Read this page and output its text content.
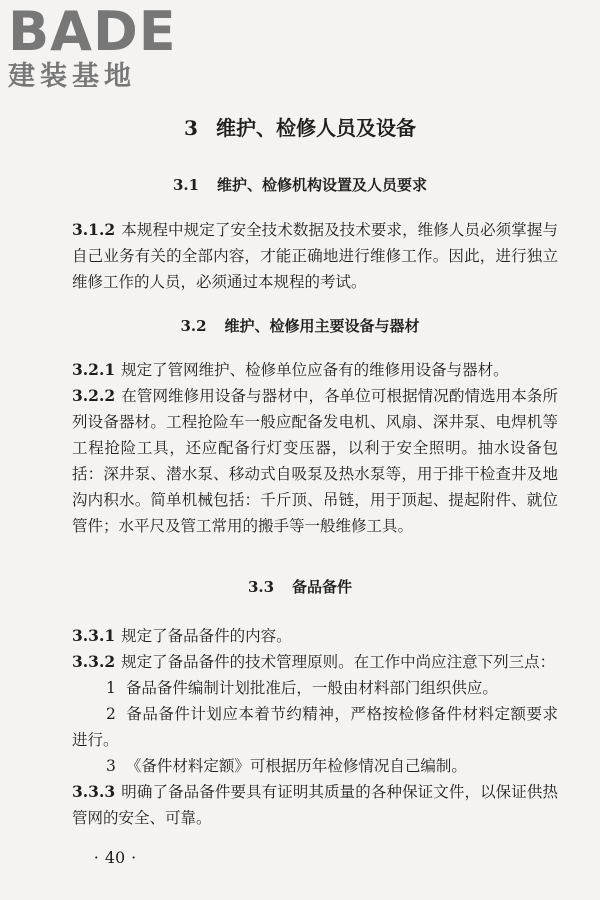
BADE
建装基地
3 维护、检修人员及设备
3.1 维护、检修机构设置及人员要求

3.1.2 本规程中规定了安全技术数据及技术要求，维修人员必须掌握与自己业务有关的全部内容，才能正确地进行维修工作。因此，进行独立维修工作的人员，必须通过本规程的考试。

3.2 维护、检修用主要设备与器材

3.2.1 规定了管网维护、检修单位应备有的维修用设备与器材。

3.2.2 在管网维修用设备与器材中，各单位可根据情况酌情选用本条所列设备器材。工程抢险车一般应配备发电机、风扇、深井泵、电焊机等工程抢险工具，还应配备行灯变压器，以利于安全照明。抽水设备包括：深井泵、潜水泵、移动式自吸泵及热水泵等，用于排干检查井及地沟内积水。简单机械包括：千斤顶、吊链，用于顶起、提起附件、就位管件；水平尺及管工常用的搬手等一般维修工具。

3.3 备品备件

3.3.1 规定了备品备件的内容。

3.3.2 规定了备品备件的技术管理原则。在工作中尚应注意下列三点：

1 备品备件编制计划批准后，一般由材料部门组织供应。

2 备品备件计划应本着节约精神，严格按检修备件材料定额要求进行。

3 《备件材料定额》可根据历年检修情况自己编制。

3.3.3 明确了备品备件要具有证明其质量的各种保证文件，以保证供热管网的安全、可靠。

· 40 ·
